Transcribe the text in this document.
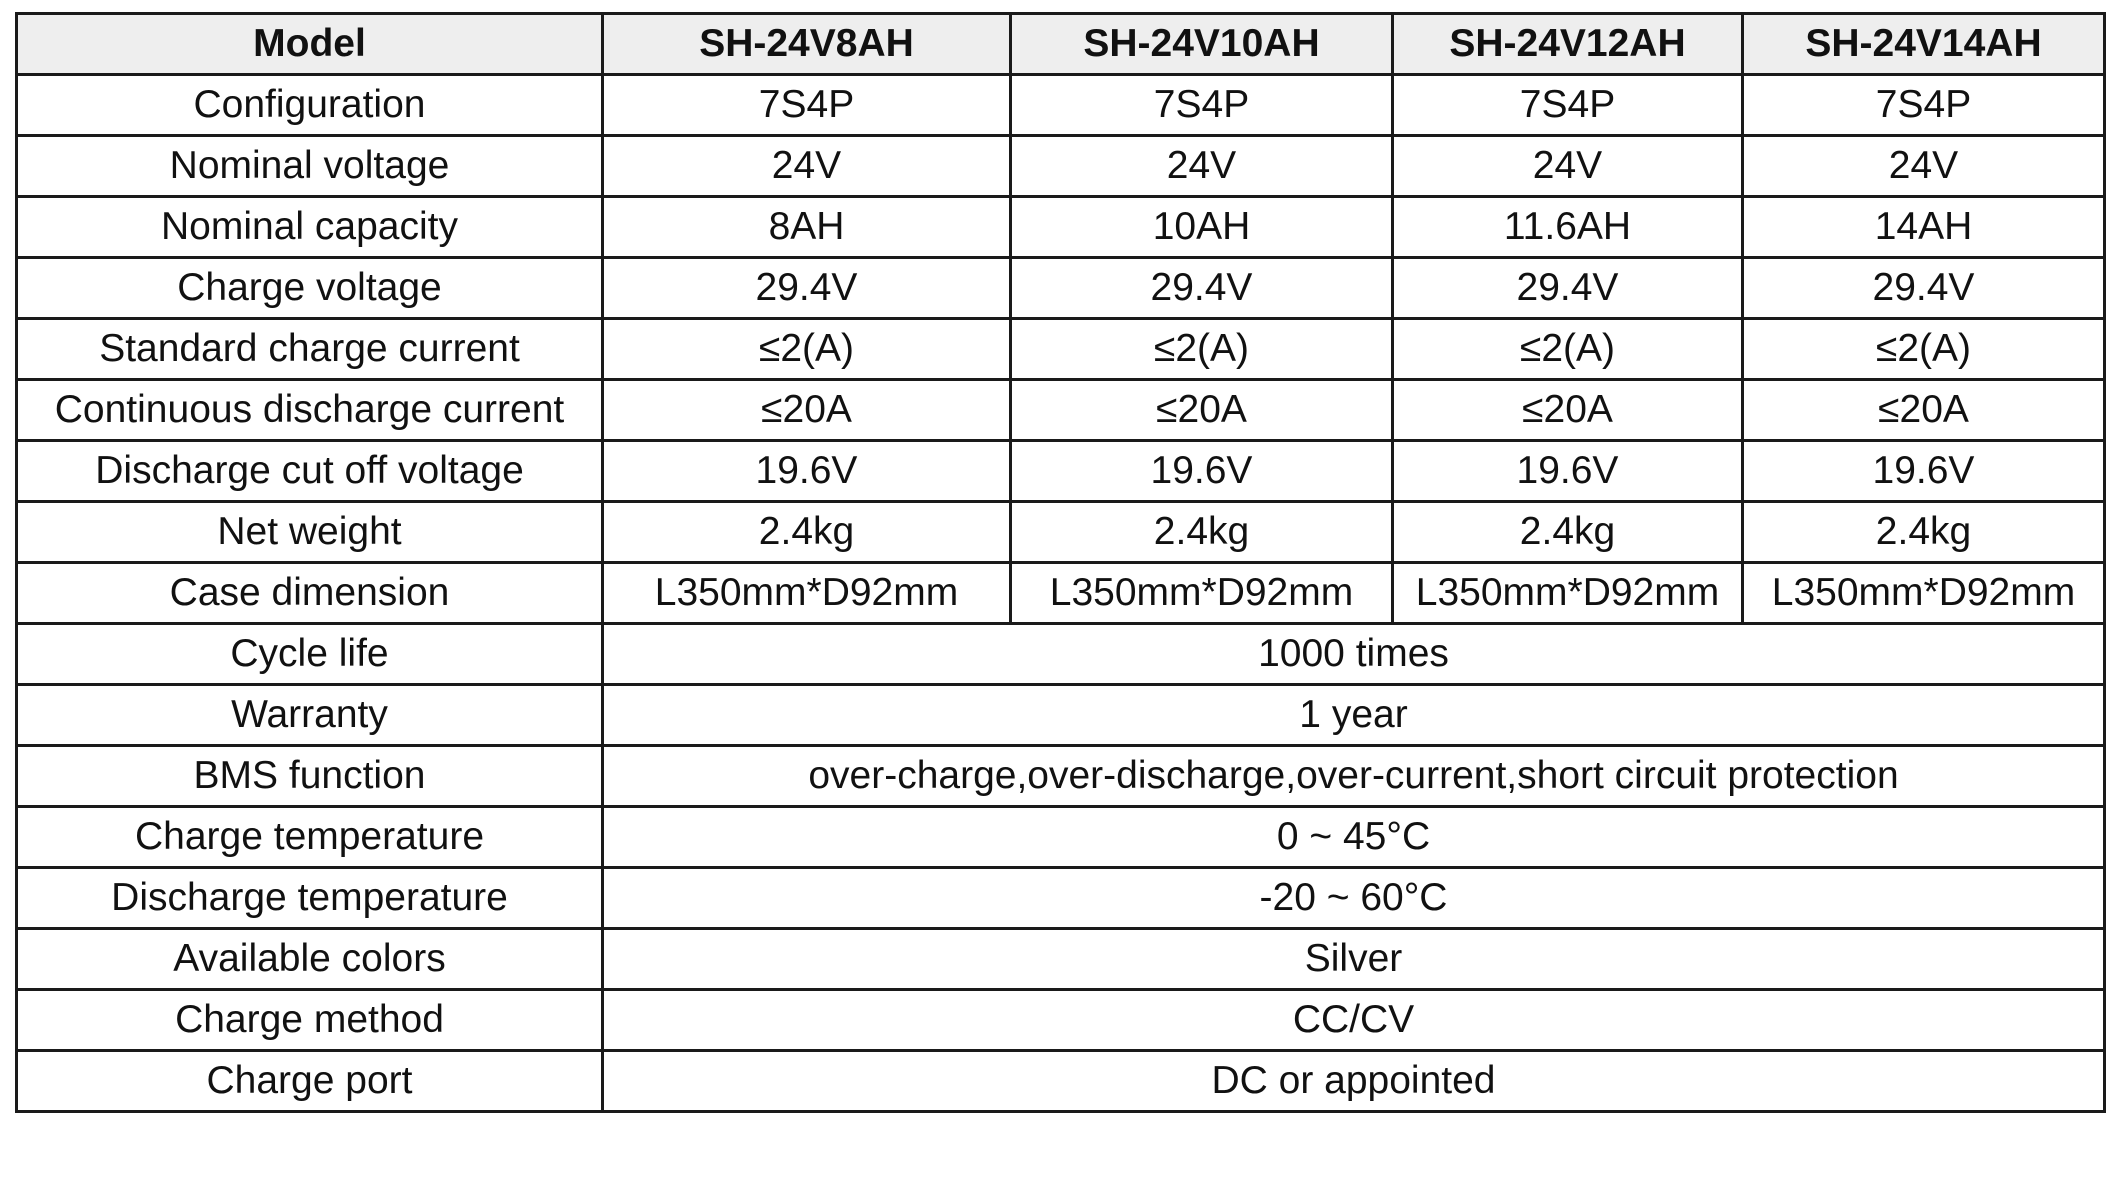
Model	SH-24V8AH	SH-24V10AH	SH-24V12AH	SH-24V14AH
Configuration	7S4P	7S4P	7S4P	7S4P
Nominal voltage	24V	24V	24V	24V
Nominal capacity	8AH	10AH	11.6AH	14AH
Charge voltage	29.4V	29.4V	29.4V	29.4V
Standard charge current	≤2(A)	≤2(A)	≤2(A)	≤2(A)
Continuous discharge current	≤20A	≤20A	≤20A	≤20A
Discharge cut off voltage	19.6V	19.6V	19.6V	19.6V
Net weight	2.4kg	2.4kg	2.4kg	2.4kg
Case dimension	L350mm*D92mm	L350mm*D92mm	L350mm*D92mm	L350mm*D92mm
Cycle life	1000 times			
Warranty	1 year			
BMS function	over-charge,over-discharge,over-current,short circuit protection			
Charge temperature	0 ~ 45°C			
Discharge temperature	-20 ~ 60°C			
Available colors	Silver			
Charge method	CC/CV			
Charge port	DC or appointed			
